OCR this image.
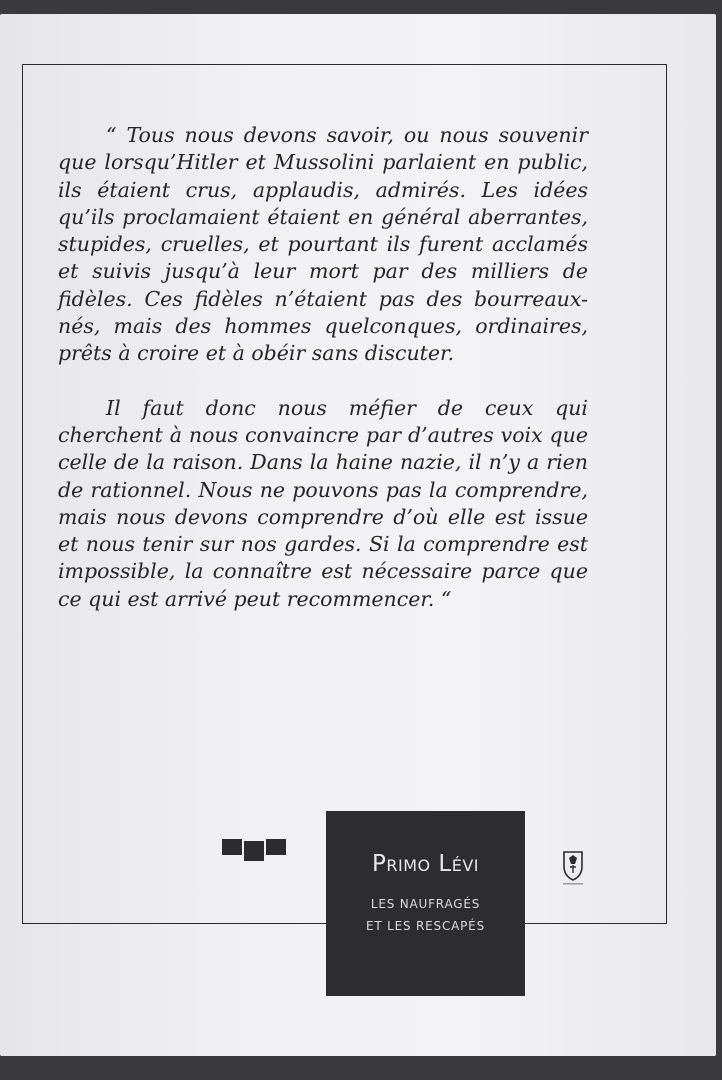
“ Tous nous devons savoir, ou nous souvenir que lorsqu’Hitler et Mussolini parlaient en public, ils étaient crus, applaudis, admirés. Les idées qu’ils proclamaient étaient en général aberrantes, stupides, cruelles, et pourtant ils furent acclamés et suivis jusqu’à leur mort par des milliers de fidèles. Ces fidèles n’étaient pas des bourreaux-nés, mais des hommes quelconques, ordinaires, prêts à croire et à obéir sans discuter.

Il faut donc nous méfier de ceux qui cherchent à nous convaincre par d’autres voix que celle de la raison. Dans la haine nazie, il n’y a rien de rationnel. Nous ne pouvons pas la comprendre, mais nous devons comprendre d’où elle est issue et nous tenir sur nos gardes. Si la comprendre est impossible, la connaître est nécessaire parce que ce qui est arrivé peut recommencer. “

Primo Lévi
LES NAUFRAGÉS
ET LES RESCAPÉS
